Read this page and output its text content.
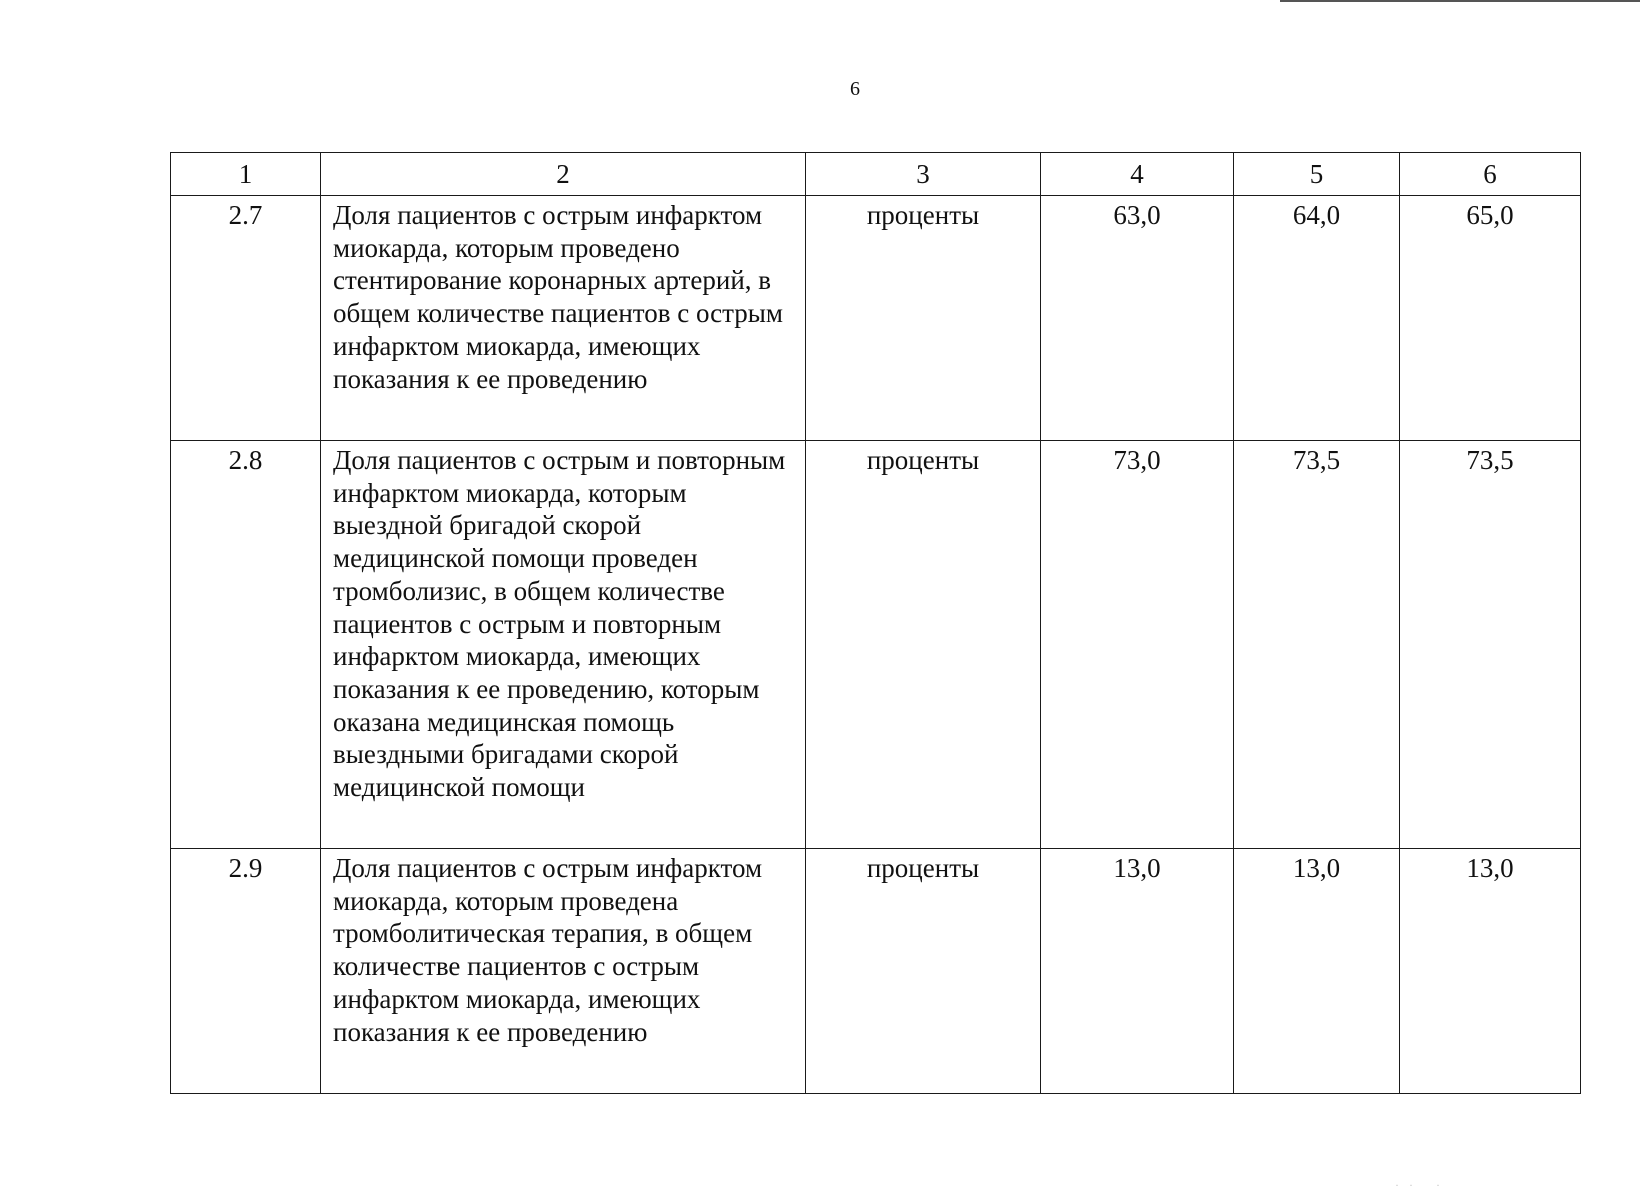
6
1	2	3	4	5	6
2.7	Доля пациентов с острым инфарктом миокарда, которым проведено стентирование коронарных артерий, в общем количестве пациентов с острым инфарктом миокарда, имеющих показания к ее проведению	проценты	63,0	64,0	65,0
2.8	Доля пациентов с острым и повторным инфарктом миокарда, которым выездной бригадой скорой медицинской помощи проведен тромболизис, в общем количестве пациентов с острым и повторным инфарктом миокарда, имеющих показания к ее проведению, которым оказана медицинская помощь выездными бригадами скорой медицинской помощи	проценты	73,0	73,5	73,5
2.9	Доля пациентов с острым инфарктом миокарда, которым проведена тромболитическая терапия, в общем количестве пациентов с острым инфарктом миокарда, имеющих показания к ее проведению	проценты	13,0	13,0	13,0
·· ·
